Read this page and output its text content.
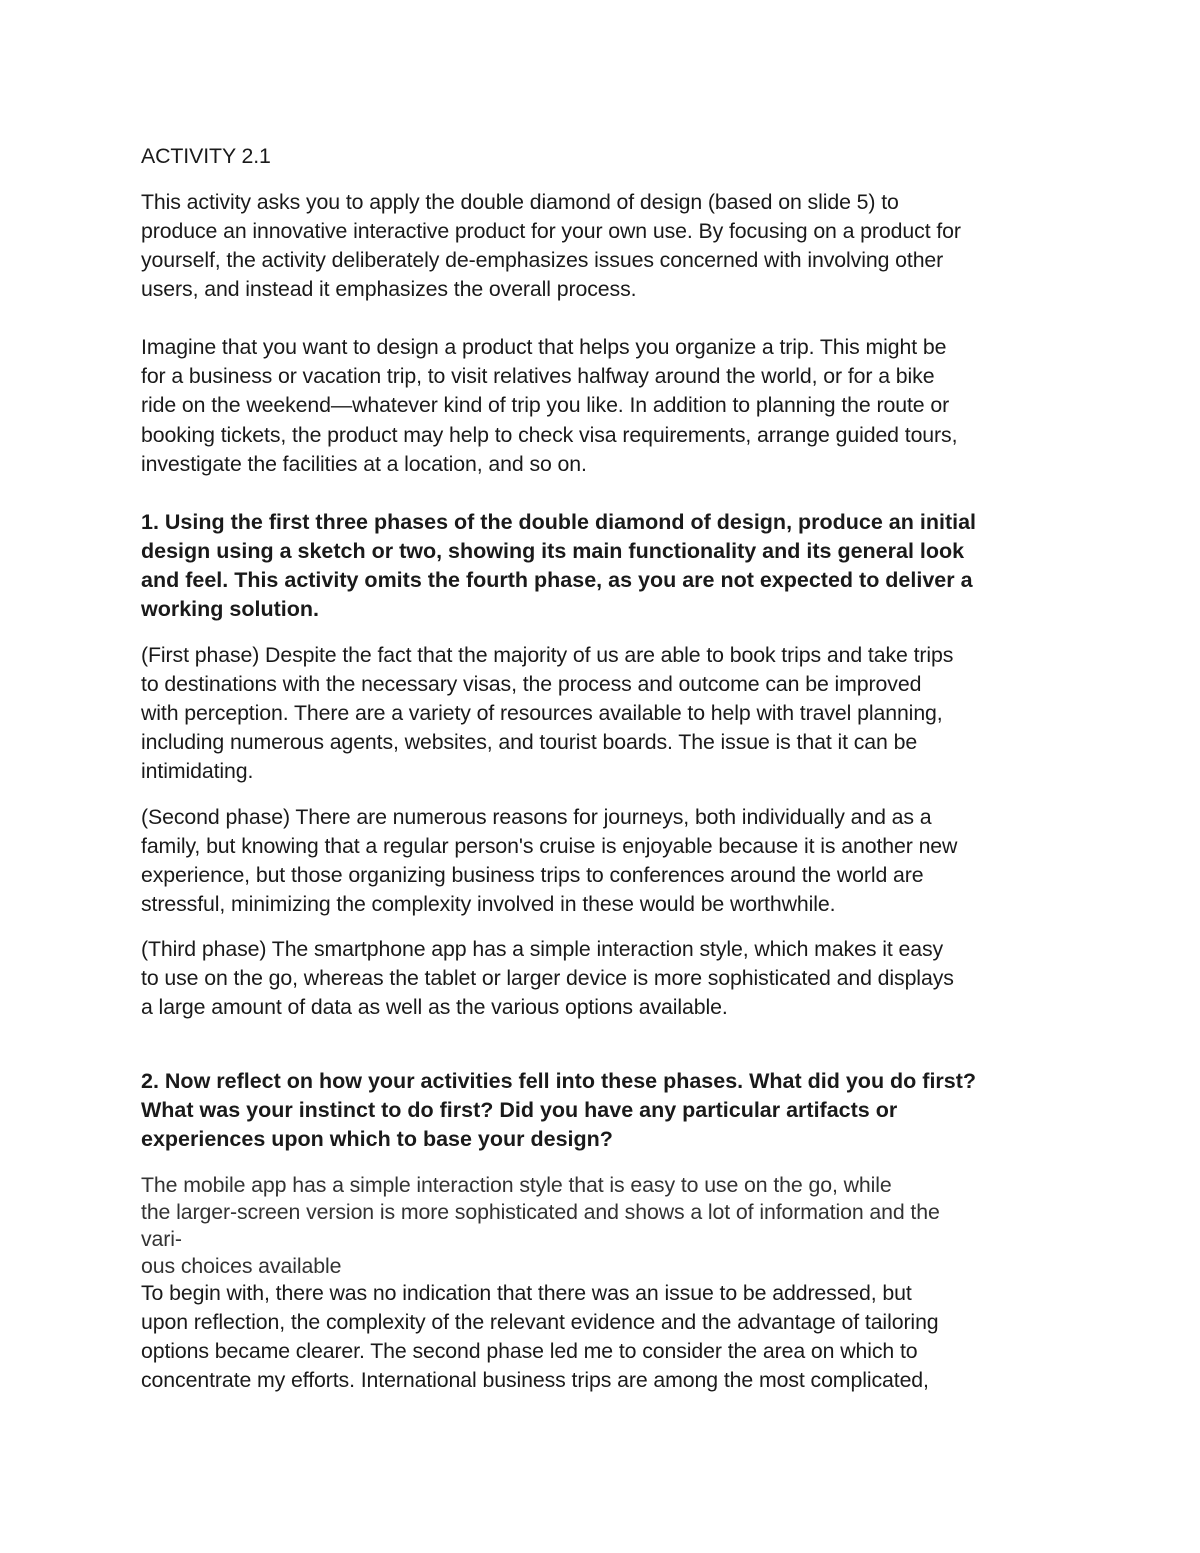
ACTIVITY 2.1
This activity asks you to apply the double diamond of design (based on slide 5) to
produce an innovative interactive product for your own use. By focusing on a product for
yourself, the activity deliberately de-emphasizes issues concerned with involving other
users, and instead it emphasizes the overall process.
Imagine that you want to design a product that helps you organize a trip. This might be
for a business or vacation trip, to visit relatives halfway around the world, or for a bike
ride on the weekend—whatever kind of trip you like. In addition to planning the route or
booking tickets, the product may help to check visa requirements, arrange guided tours,
investigate the facilities at a location, and so on.
1. Using the first three phases of the double diamond of design, produce an initial
design using a sketch or two, showing its main functionality and its general look
and feel. This activity omits the fourth phase, as you are not expected to deliver a
working solution.
(First phase) Despite the fact that the majority of us are able to book trips and take trips
to destinations with the necessary visas, the process and outcome can be improved
with perception. There are a variety of resources available to help with travel planning,
including numerous agents, websites, and tourist boards. The issue is that it can be
intimidating.
(Second phase) There are numerous reasons for journeys, both individually and as a
family, but knowing that a regular person's cruise is enjoyable because it is another new
experience, but those organizing business trips to conferences around the world are
stressful, minimizing the complexity involved in these would be worthwhile.
(Third phase) The smartphone app has a simple interaction style, which makes it easy
to use on the go, whereas the tablet or larger device is more sophisticated and displays
a large amount of data as well as the various options available.
2. Now reflect on how your activities fell into these phases. What did you do first?
What was your instinct to do first? Did you have any particular artifacts or
experiences upon which to base your design?
The mobile app has a simple interaction style that is easy to use on the go, while
the larger-screen version is more sophisticated and shows a lot of information and the
vari-
ous choices available
To begin with, there was no indication that there was an issue to be addressed, but
upon reflection, the complexity of the relevant evidence and the advantage of tailoring
options became clearer. The second phase led me to consider the area on which to
concentrate my efforts. International business trips are among the most complicated,
